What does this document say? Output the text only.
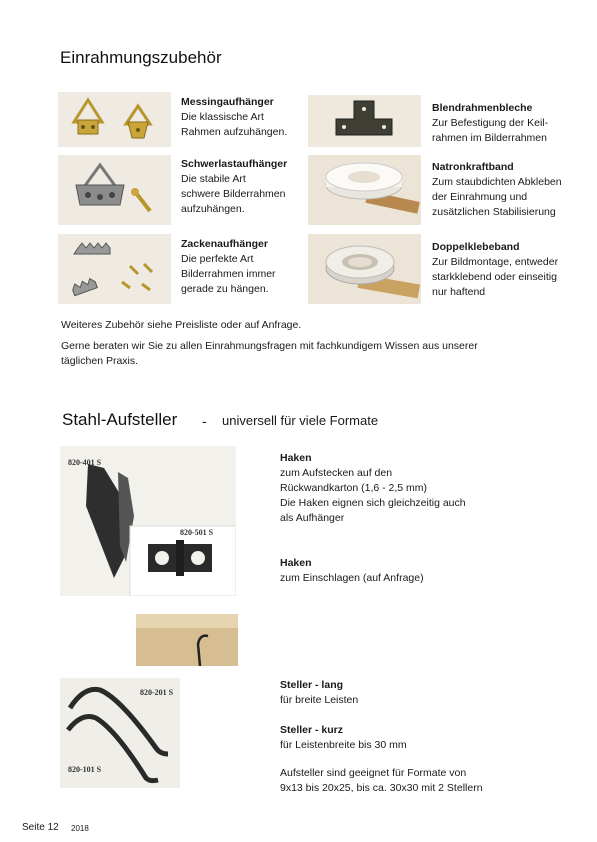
Einrahmungszubehör
Messingaufhänger
Die klassische Art
Rahmen aufzuhängen.
Schwerlastaufhänger
Die stabile Art
schwere Bilderrahmen
aufzuhängen.
Zackenaufhänger
Die perfekte Art
Bilderrahmen immer
gerade zu hängen.
Blendrahmenbleche
Zur Befestigung der Keil-
rahmen im Bilderrahmen
Natronkraftband
Zum staubdichten Abkleben
der Einrahmung und
zusätzlichen Stabilisierung
Doppelklebeband
Zur Bildmontage, entweder
starkklebend oder einseitig
nur haftend
Weiteres Zubehör siehe Preisliste oder auf Anfrage.
Gerne beraten wir Sie zu allen Einrahmungsfragen mit fachkundigem Wissen aus unserer
täglichen Praxis.
Stahl-Aufsteller - universell für viele Formate
820-401 S
820-501 S
820-201 S
820-101 S
Haken
zum Aufstecken auf den
Rückwandkarton (1,6 - 2,5 mm)
Die Haken eignen sich gleichzeitig auch
als Aufhänger
Haken
zum Einschlagen (auf Anfrage)
Steller - lang
für breite Leisten
Steller - kurz
für Leistenbreite bis 30 mm
Aufsteller sind geeignet für Formate von
9x13 bis 20x25, bis ca. 30x30 mit 2 Stellern
Seite 12 2018
